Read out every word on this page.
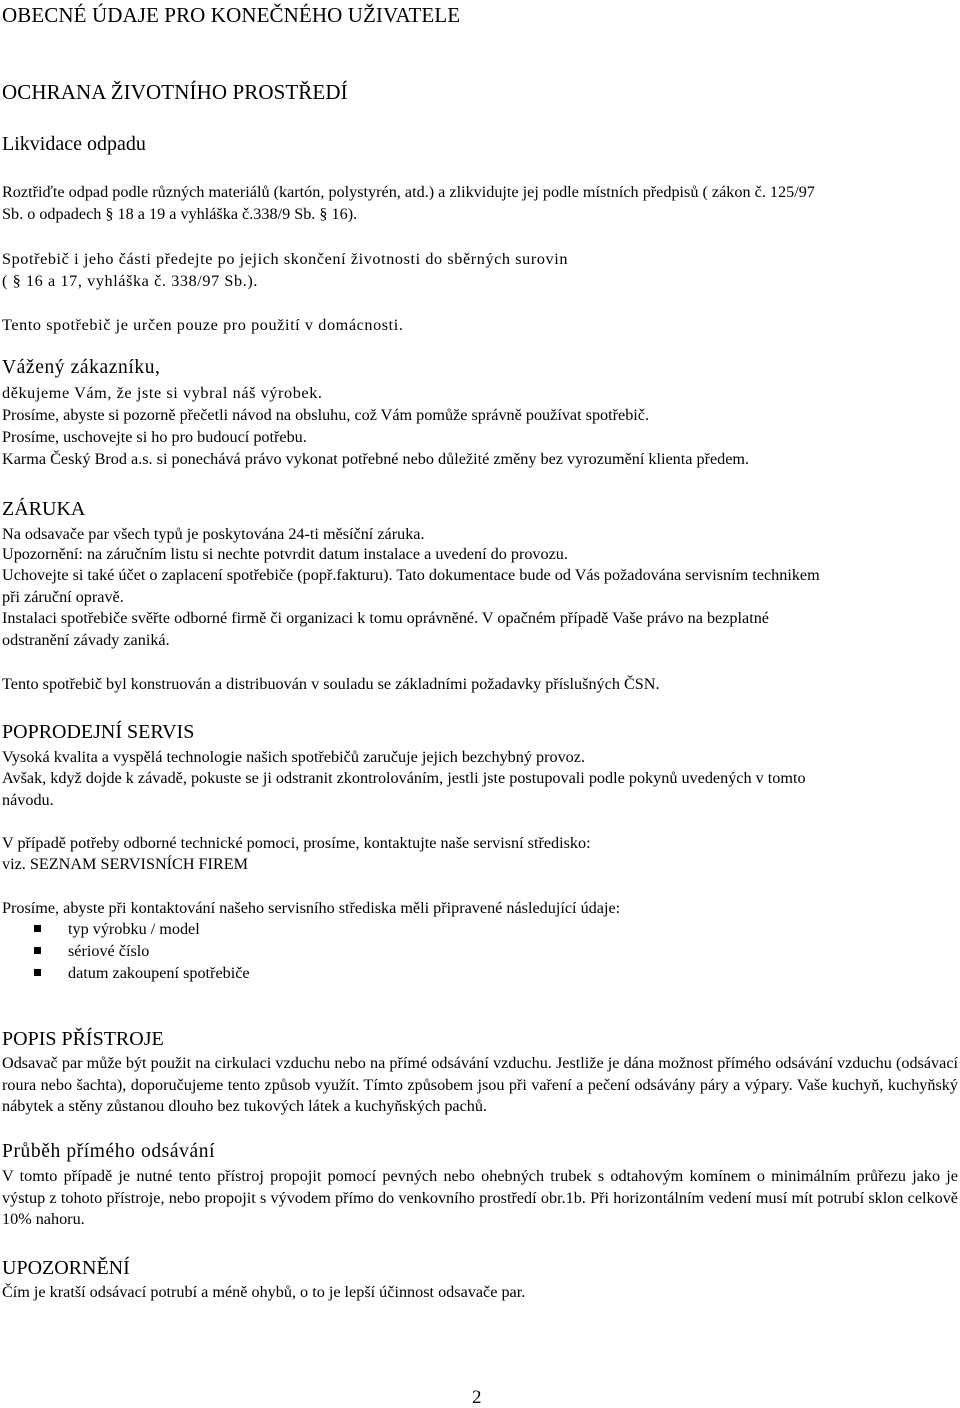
OBECNÉ ÚDAJE PRO KONEČNÉHO UŽIVATELE
OCHRANA ŽIVOTNÍHO PROSTŘEDÍ
Likvidace odpadu
Roztřiďte odpad podle různých materiálů (kartón, polystyrén, atd.) a zlikvidujte jej podle místních předpisů ( zákon č. 125/97
Sb. o odpadech § 18 a 19 a vyhláška č.338/9 Sb. § 16).
Spotřebič i jeho části předejte po jejich skončení životnosti do sběrných surovin
( § 16 a 17, vyhláška č. 338/97 Sb.).
Tento spotřebič je určen pouze pro použití v domácnosti.
Vážený zákazníku,
děkujeme Vám, že jste si vybral náš výrobek.
Prosíme, abyste si pozorně přečetli návod na obsluhu, což Vám pomůže správně používat spotřebič.
Prosíme, uschovejte si ho pro budoucí potřebu.
Karma Český Brod a.s. si ponechává právo vykonat potřebné nebo důležité změny bez vyrozumění klienta předem.
ZÁRUKA
Na odsavače par všech typů je poskytována 24-ti měsíční záruka.
Upozornění: na záručním listu si nechte potvrdit datum instalace a uvedení do provozu.
Uchovejte si také účet o zaplacení spotřebiče (popř.fakturu). Tato dokumentace bude od Vás požadována servisním technikem
při záruční opravě.
Instalaci spotřebiče svěřte odborné firmě či organizaci k tomu oprávněné. V opačném případě Vaše právo na bezplatné
odstranění závady zaniká.
Tento spotřebič byl konstruován a distribuován v souladu se základními požadavky příslušných ČSN.
POPRODEJNÍ SERVIS
Vysoká kvalita a vyspělá technologie našich spotřebičů zaručuje jejich bezchybný provoz.
Avšak, když dojde k závadě, pokuste se ji odstranit zkontrolováním, jestli jste postupovali podle pokynů uvedených v tomto
návodu.
V případě potřeby odborné technické pomoci, prosíme, kontaktujte naše servisní středisko:
viz. SEZNAM SERVISNÍCH FIREM
Prosíme, abyste při kontaktování našeho servisního střediska měli připravené následující údaje:
typ výrobku / model
sériové číslo
datum zakoupení spotřebiče
POPIS PŘÍSTROJE
Odsavač par může být použit na cirkulaci vzduchu nebo na přímé odsávání vzduchu. Jestliže je dána možnost přímého odsávání vzduchu (odsávací roura nebo šachta), doporučujeme tento způsob využít. Tímto způsobem jsou při vaření a pečení odsávány páry a výpary. Vaše kuchyň, kuchyňský nábytek a stěny zůstanou dlouho bez tukových látek a kuchyňských pachů.
Průběh přímého odsávání
V tomto případě je nutné tento přístroj propojit pomocí pevných nebo ohebných trubek s odtahovým komínem o minimálním průřezu jako je výstup z tohoto přístroje, nebo propojit s vývodem přímo do venkovního prostředí obr.1b. Při horizontálním vedení musí mít potrubí sklon celkově 10% nahoru.
UPOZORNĚNÍ
Čím je kratší odsávací potrubí a méně ohybů, o to je lepší účinnost odsavače par.
2
